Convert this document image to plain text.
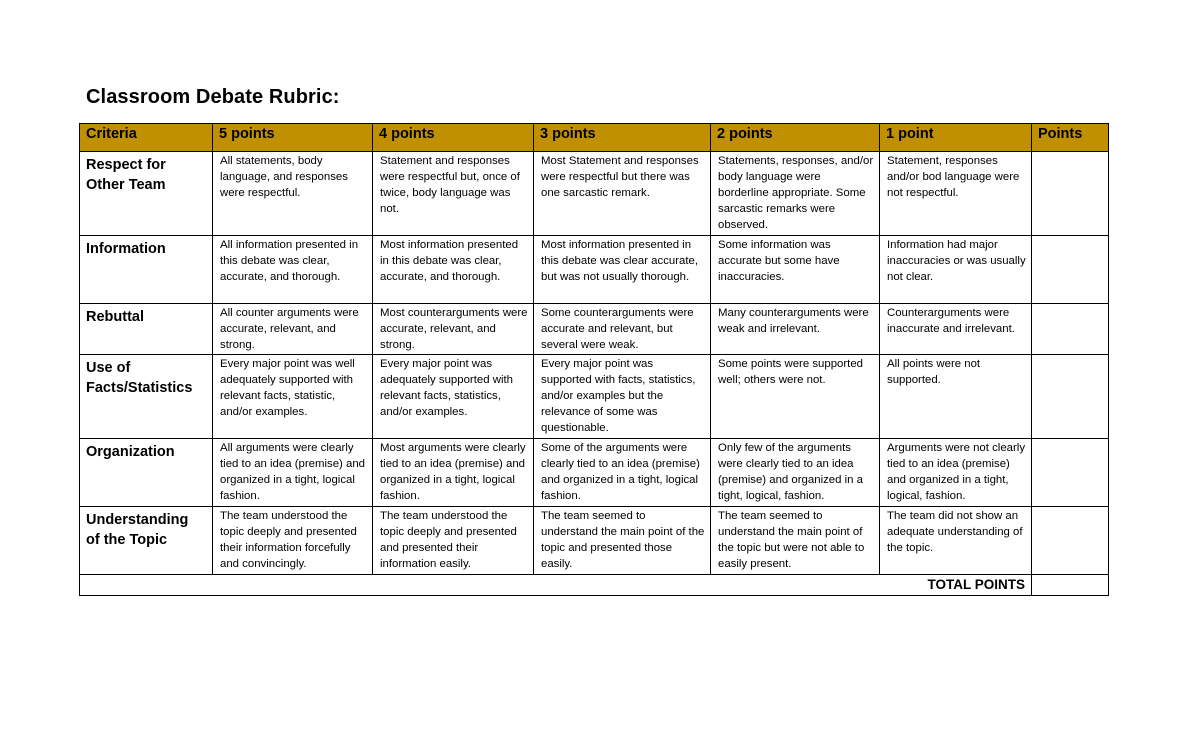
Classroom Debate Rubric:
Criteria	5 points	4 points	3 points	2 points	1 point	Points
Respect for Other Team	All statements, body language, and responses were respectful.	Statement and responses were respectful but, once of twice, body language was not.	Most Statement and responses were respectful but there was one sarcastic remark.	Statements, responses, and/or body language were borderline appropriate. Some sarcastic remarks were observed.	Statement, responses and/or bod language were not respectful.	
Information	All information presented in this debate was clear, accurate, and thorough.	Most information presented in this debate was clear, accurate, and thorough.	Most information presented in this debate was clear accurate, but was not usually thorough.	Some information was accurate but some have inaccuracies.	Information had major inaccuracies or was usually not clear.	
Rebuttal	All counter arguments were accurate, relevant, and strong.	Most counterarguments were accurate, relevant, and strong.	Some counterarguments were accurate and relevant, but several were weak.	Many counterarguments were weak and irrelevant.	Counterarguments were inaccurate and irrelevant.	
Use of Facts/Statistics	Every major point was well adequately supported with relevant facts, statistic, and/or examples.	Every major point was adequately supported with relevant facts, statistics, and/or examples.	Every major point was supported with facts, statistics, and/or examples but the relevance of some was questionable.	Some points were supported well; others were not.	All points were not supported.	
Organization	All arguments were clearly tied to an idea (premise) and organized in a tight, logical fashion.	Most arguments were clearly tied to an idea (premise) and organized in a tight, logical fashion.	Some of the arguments were clearly tied to an idea (premise) and organized in a tight, logical fashion.	Only few of the arguments were clearly tied to an idea (premise) and organized in a tight, logical, fashion.	Arguments were not clearly tied to an idea (premise) and organized in a tight, logical, fashion.	
Understanding of the Topic	The team understood the topic deeply and presented their information forcefully and convincingly.	The team understood the topic deeply and presented and presented their information easily.	The team seemed to understand the main point of the topic and presented those easily.	The team seemed to understand the main point of the topic but were not able to easily present.	The team did not show an adequate understanding of the topic.	
TOTAL POINTS						
